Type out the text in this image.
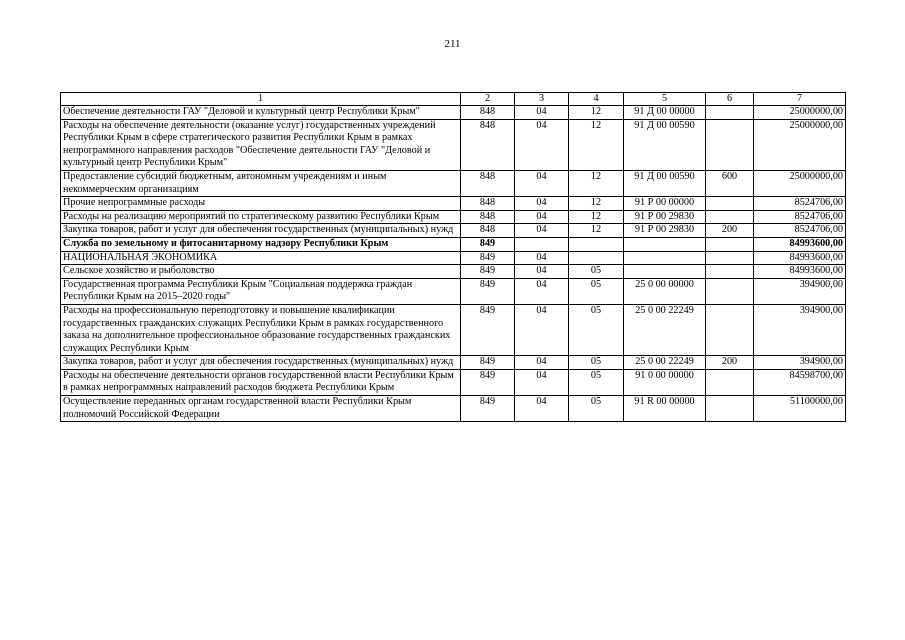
211
1	2	3	4	5	6	7
Обеспечение деятельности ГАУ "Деловой и культурный центр Республики Крым"	848	04	12	91 Д 00 00000		25000000,00
Расходы на обеспечение деятельности (оказание услуг) государственных учреждений Республики Крым в сфере стратегического развития Республики Крым в рамках непрограммного направления расходов "Обеспечение деятельности ГАУ "Деловой и культурный центр Республики Крым"	848	04	12	91 Д 00 00590		25000000,00
Предоставление субсидий бюджетным, автономным учреждениям и иным некоммерческим организациям	848	04	12	91 Д 00 00590	600	25000000,00
Прочие непрограммные расходы	848	04	12	91 Р 00 00000		8524706,00
Расходы на реализацию мероприятий по стратегическому развитию Республики Крым	848	04	12	91 Р 00 29830		8524706,00
Закупка товаров, работ и услуг для обеспечения государственных (муниципальных) нужд	848	04	12	91 Р 00 29830	200	8524706,00
Служба по земельному и фитосанитарному надзору Республики Крым	849					84993600,00
НАЦИОНАЛЬНАЯ ЭКОНОМИКА	849	04				84993600,00
Сельское хозяйство и рыболовство	849	04	05			84993600,00
Государственная программа Республики Крым "Социальная поддержка граждан Республики Крым на 2015–2020 годы"	849	04	05	25 0 00 00000		394900,00
Расходы на профессиональную переподготовку и повышение квалификации государственных гражданских служащих Республики Крым в рамках государственного заказа на дополнительное профессиональное образование государственных гражданских служащих Республики Крым	849	04	05	25 0 00 22249		394900,00
Закупка товаров, работ и услуг для обеспечения государственных (муниципальных) нужд	849	04	05	25 0 00 22249	200	394900,00
Расходы на обеспечение деятельности органов государственной власти Республики Крым в рамках непрограммных направлений расходов бюджета Республики Крым	849	04	05	91 0 00 00000		84598700,00
Осуществление переданных органам государственной власти Республики Крым полномочий Российской Федерации	849	04	05	91 R 00 00000		51100000,00
